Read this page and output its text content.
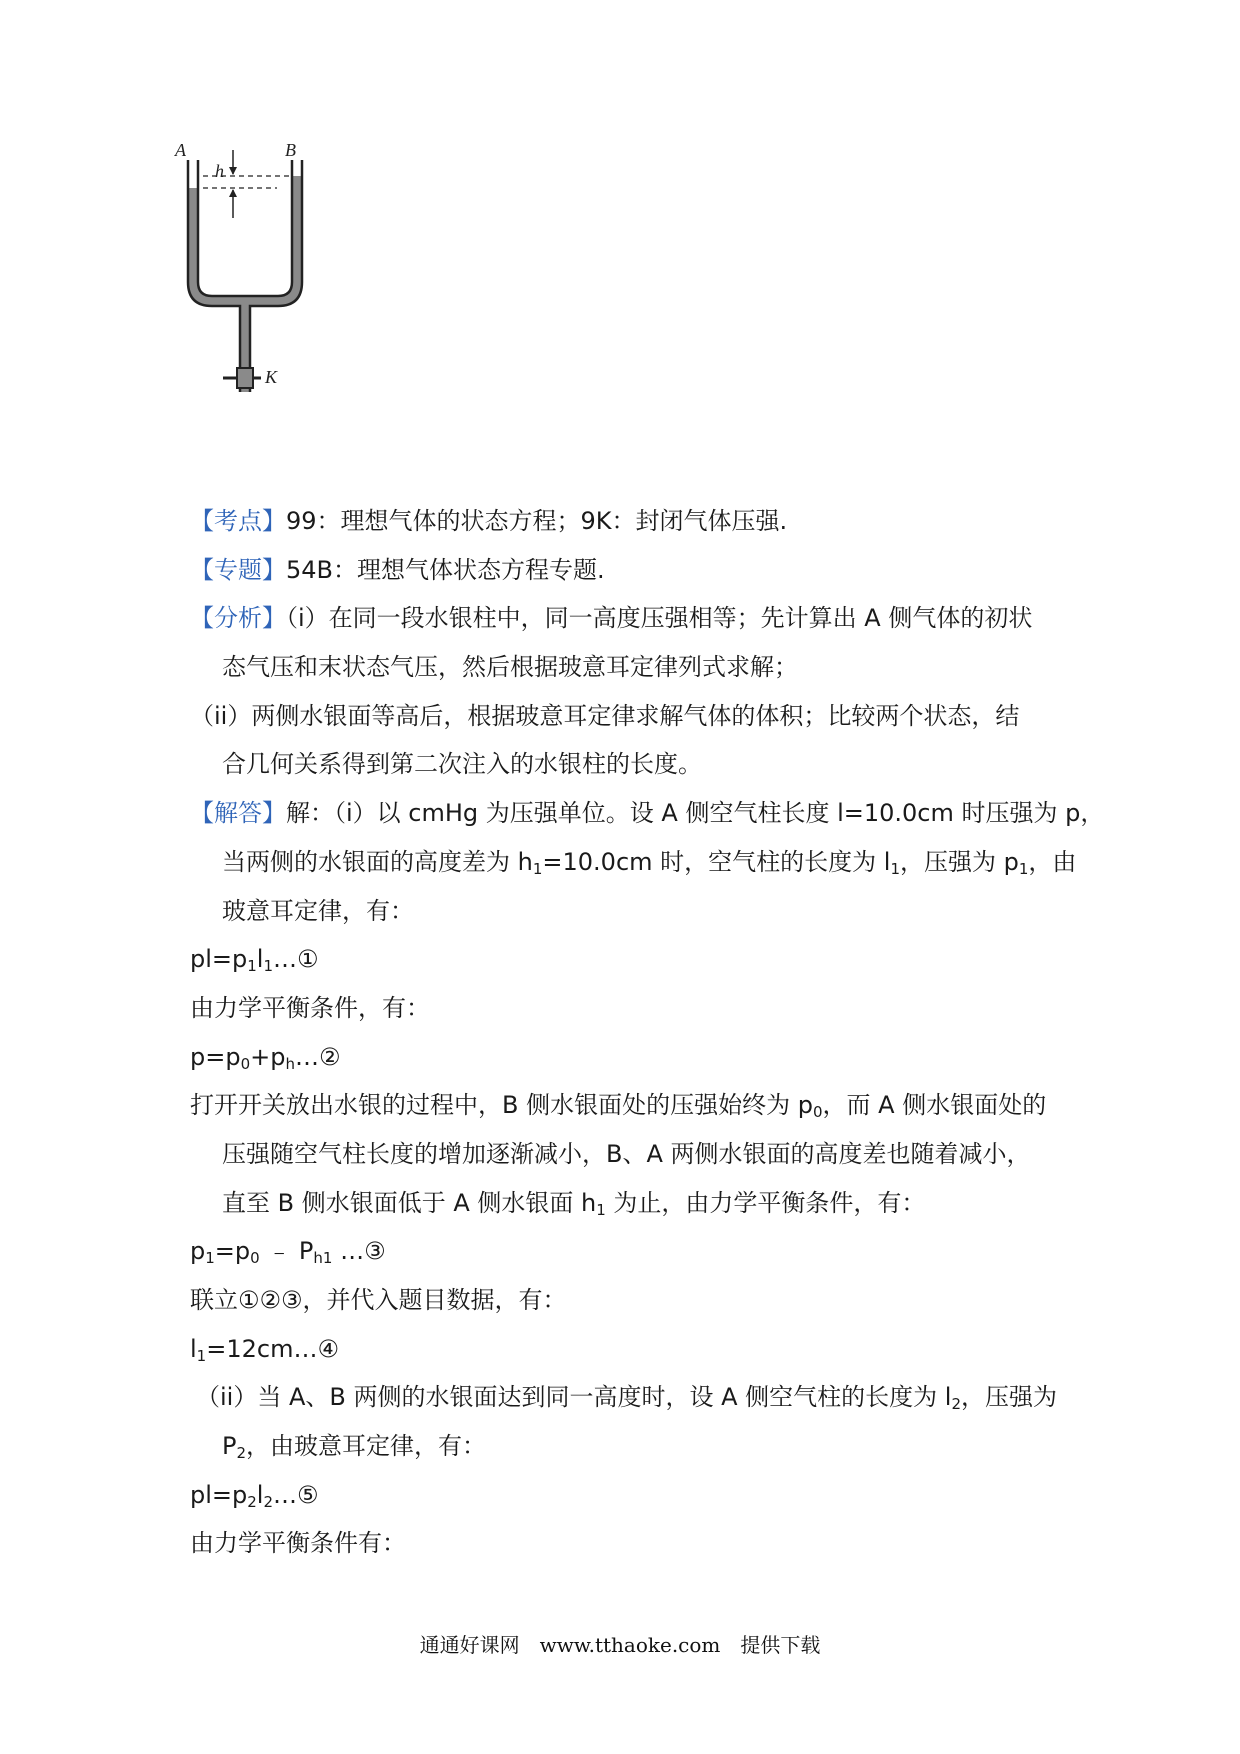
A	B
h
K
【考点】99：理想气体的状态方程；9K：封闭气体压强.
【专题】54B：理想气体状态方程专题.
【分析】（i）在同一段水银柱中，同一高度压强相等；先计算出 A 侧气体的初状
态气压和末状态气压，然后根据玻意耳定律列式求解；
（ii）两侧水银面等高后，根据玻意耳定律求解气体的体积；比较两个状态，结
合几何关系得到第二次注入的水银柱的长度。
【解答】解：（i）以 cmHg 为压强单位。设 A 侧空气柱长度 l=10.0cm 时压强为 p，
当两侧的水银面的高度差为 $h_1=10.0cm$ 时，空气柱的长度为 $l_1$，压强为 $p_1$，由
玻意耳定律，有：
$pl=p_1l_1\dots ①$
由力学平衡条件，有：
$p=p_0+p_h\dots ②$
打开开关放出水银的过程中，B 侧水银面处的压强始终为 $p_0$，而 A 侧水银面处的
压强随空气柱长度的增加逐渐减小，B、A 两侧水银面的高度差也随着减小，
直至 B 侧水银面低于 A 侧水银面 $h_1$ 为止，由力学平衡条件，有：
$p_1=p_0$ ﹣ $P_{h1}$ …③
联立①②③，并代入题目数据，有：
$l_1=12cm\dots ④$
（ii）当 A、B 两侧的水银面达到同一高度时，设 A 侧空气柱的长度为 $l_2$，压强为
$P_2$，由玻意耳定律，有：
$pl=p_2l_2\dots ⑤$
由力学平衡条件有：
通通好课网　www.tthaoke.com　提供下载
